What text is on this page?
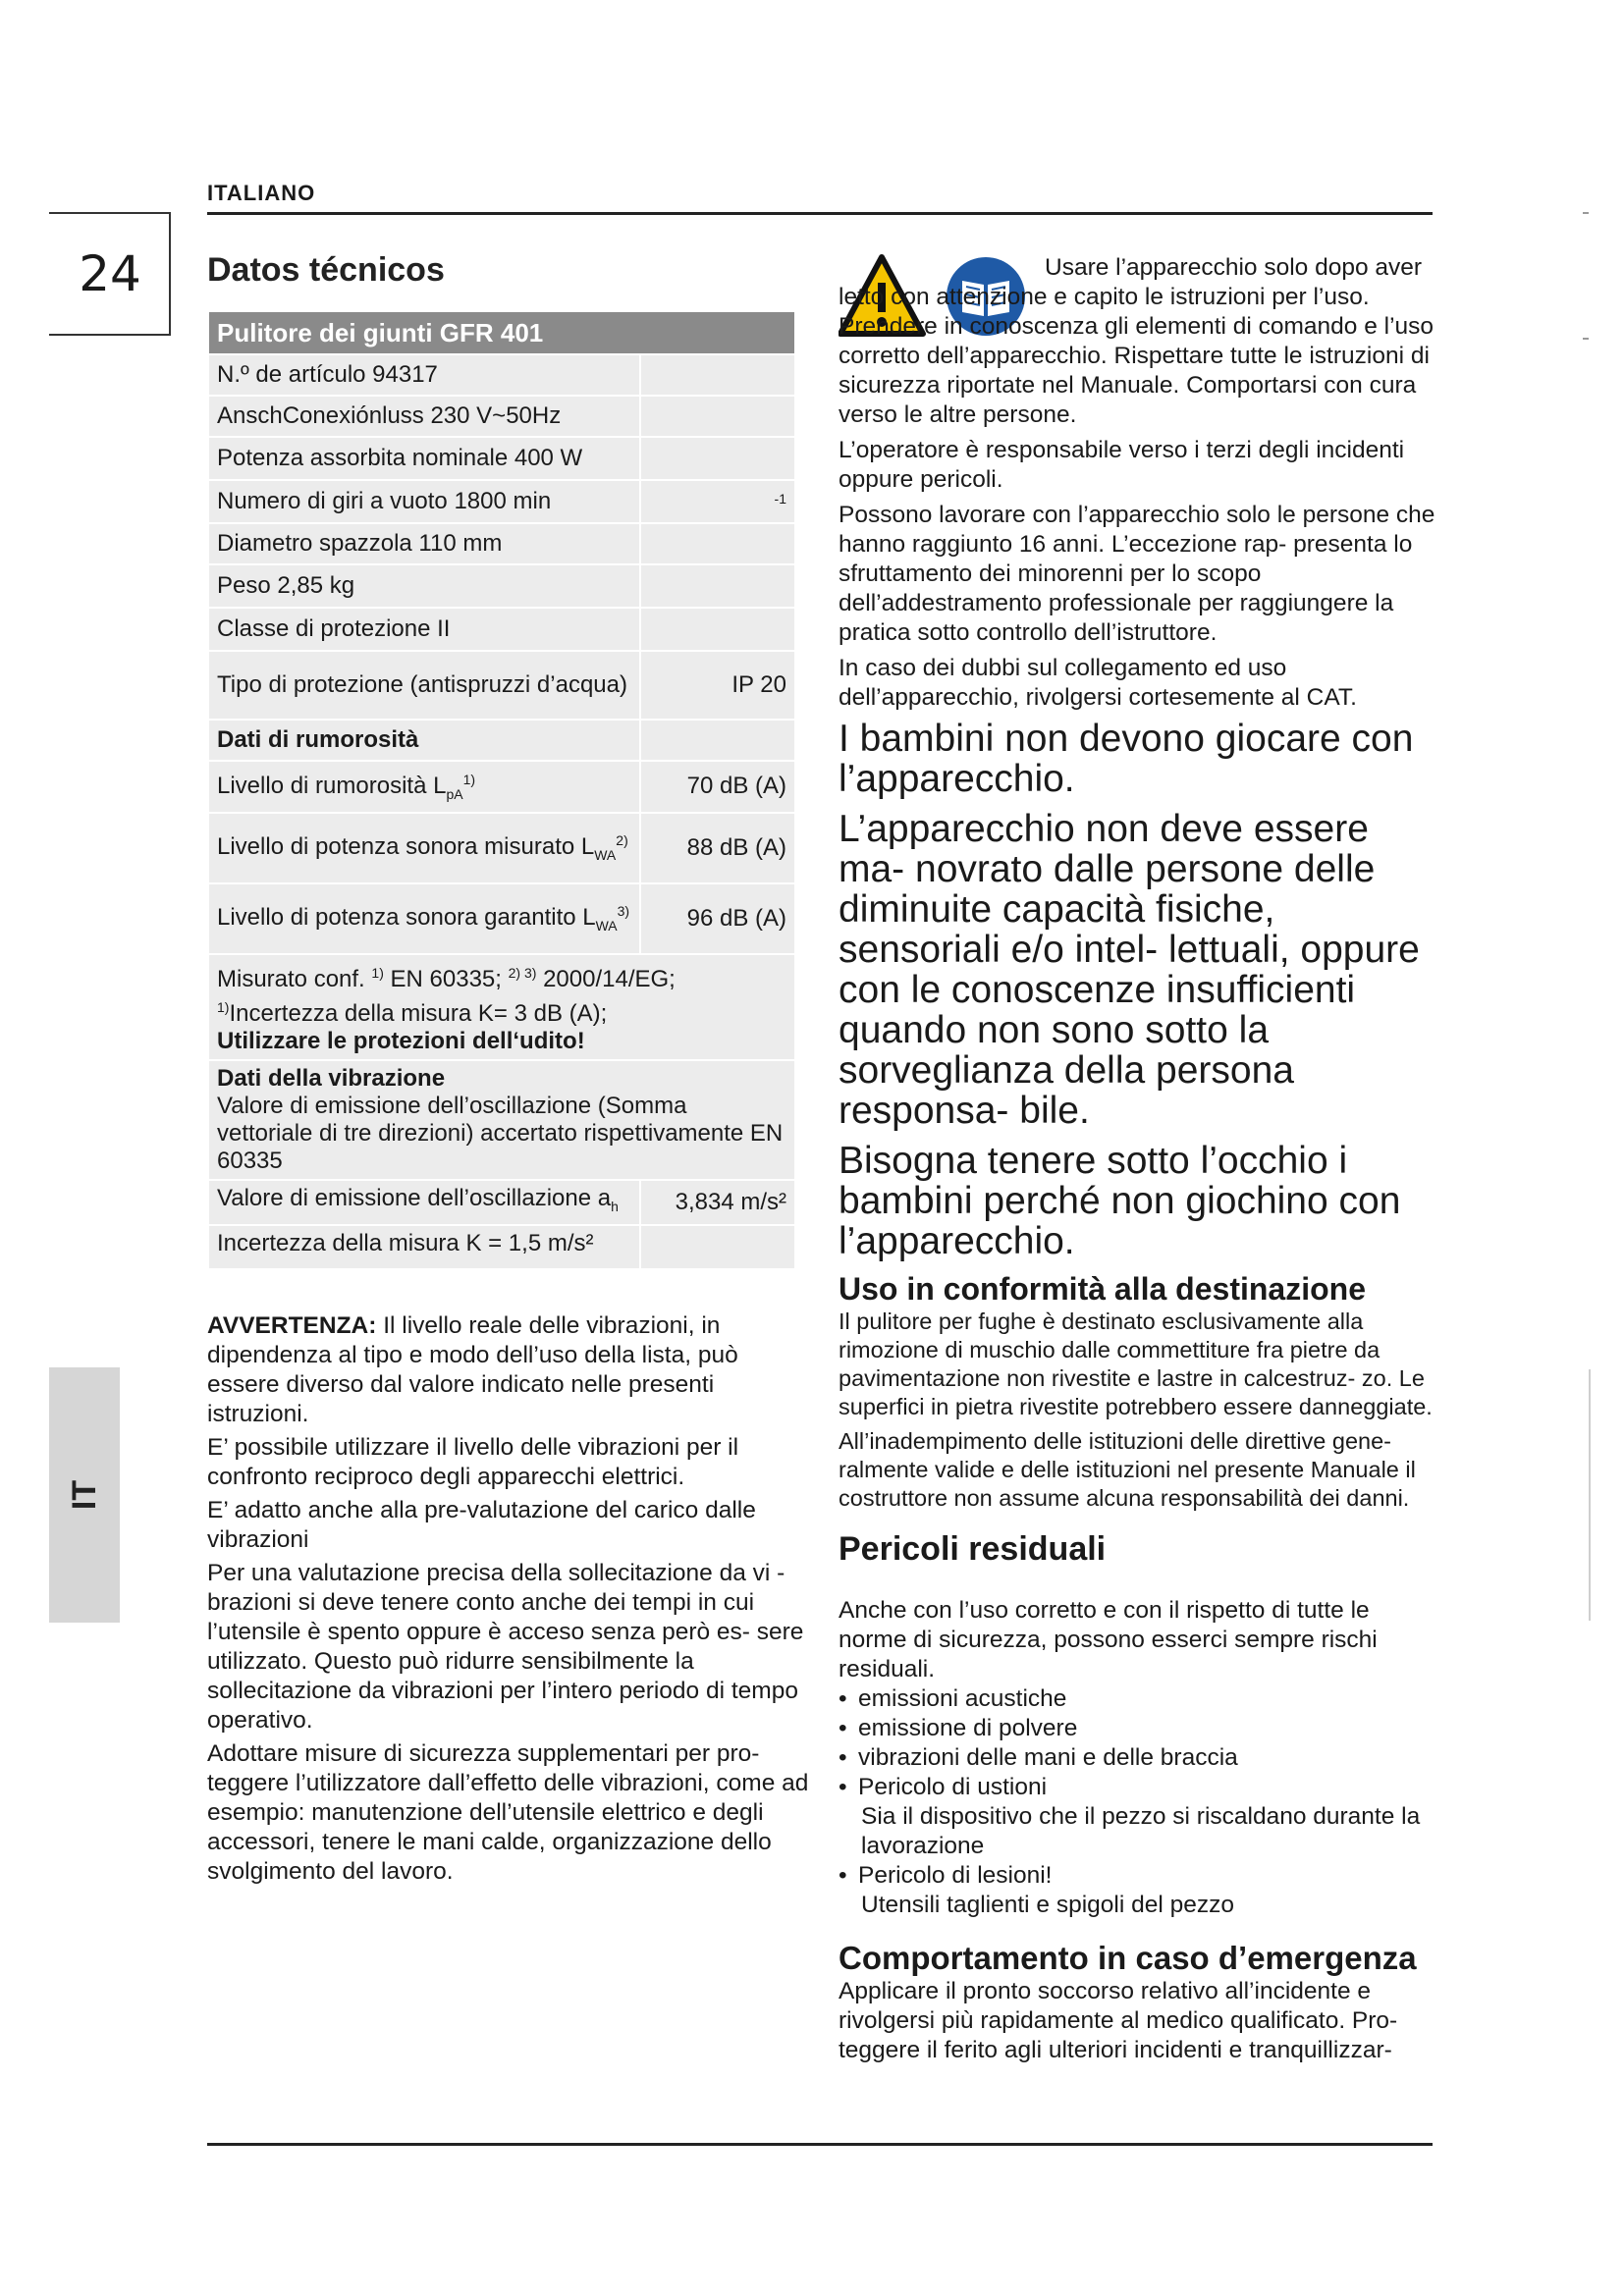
ITALIANO
24
IT
Datos técnicos
Pulitore dei giunti GFR 401	
N.º de artículo 94317	
AnschConexiónluss 230 V~50Hz	
Potenza assorbita nominale 400 W	
Numero di giri a vuoto 1800 min	-1
Diametro spazzola 110 mm	
Peso 2,85 kg	
Classe di protezione II	
Tipo di protezione (antispruzzi d’acqua)	IP 20
Dati di rumorosità	
Livello di rumorosità $L_{pA}^{1)}$	70 dB (A)
Livello di potenza sonora misurato $L_{WA}^{2)}$	88 dB (A)
Livello di potenza sonora garantito $L_{WA}^{3)}$	96 dB (A)

Misurato conf. $^{1)}$ EN 60335; $^{2) 3)}$ 2000/14/EG;
$^{1)}$Incertezza della misura K= 3 dB (A);
Utilizzare le protezioni dell‘udito!	

Dati della vibrazione
Valore di emissione dell’oscillazione (Somma vettoriale di tre direzioni) accertato rispettivamente EN 60335	

Valore di emissione dell’oscillazione $a_h$	3,834 m/s²
Incertezza della misura K = 1,5 m/s²	

AVVERTENZA: Il livello reale delle vibrazioni, in dipendenza al tipo e modo dell’uso della lista, può essere diverso dal valore indicato nelle presenti istruzioni.

E’ possibile utilizzare il livello delle vibrazioni per il confronto reciproco degli apparecchi elettrici.

E’ adatto anche alla pre-valutazione del carico dalle vibrazioni

Per una valutazione precisa della sollecitazione da vi - brazioni si deve tenere conto anche dei tempi in cui l’utensile è spento oppure è acceso senza però es- sere utilizzato. Questo può ridurre sensibilmente la sollecitazione da vibrazioni per l’intero periodo di tempo operativo.

Adottare misure di sicurezza supplementari per pro- teggere l’utilizzatore dall’effetto delle vibrazioni, come ad esempio: manutenzione dell’utensile elettrico e degli accessori, tenere le mani calde, organizzazione dello svolgimento del lavoro.

Usare l’apparecchio solo dopo aver letto con attenzione e capito le istruzioni per l’uso. Prendere in conoscenza gli elementi di comando e l’uso corretto dell’apparecchio. Rispettare tutte le istruzioni di sicurezza riportate nel Manuale. Comportarsi con cura verso le altre persone.

L’operatore è responsabile verso i terzi degli incidenti oppure pericoli.

Possono lavorare con l’apparecchio solo le persone che hanno raggiunto 16 anni. L’eccezione rap- presenta lo sfruttamento dei minorenni per lo scopo dell’addestramento professionale per raggiungere la pratica sotto controllo dell’istruttore.

In caso dei dubbi sul collegamento ed uso dell’apparecchio, rivolgersi cortesemente al CAT.

I bambini non devono giocare con l’apparecchio.

L’apparecchio non deve essere ma- novrato dalle persone delle diminuite capacità fisiche, sensoriali e/o intel- lettuali, oppure con le conoscenze insufficienti quando non sono sotto la sorveglianza della persona responsa- bile.

Bisogna tenere sotto l’occhio i bambini perché non giochino con l’apparecchio.

Uso in conformità alla destinazione

Il pulitore per fughe è destinato esclusivamente alla rimozione di muschio dalle commettiture fra pietre da pavimentazione non rivestite e lastre in calcestruz- zo. Le superfici in pietra rivestite potrebbero essere danneggiate.

All’inadempimento delle istituzioni delle direttive gene- ralmente valide e delle istituzioni nel presente Manuale il costruttore non assume alcuna responsabilità dei danni.

Pericoli residuali

Anche con l’uso corretto e con il rispetto di tutte le norme di sicurezza, possono esserci sempre rischi residuali.

• emissioni acustiche
• emissione di polvere
• vibrazioni delle mani e delle braccia
• Pericolo di ustioni
Sia il dispositivo che il pezzo si riscaldano durante la lavorazione
• Pericolo di lesioni!
Utensili taglienti e spigoli del pezzo

Comportamento in caso d’emergenza

Applicare il pronto soccorso relativo all’incidente e rivolgersi più rapidamente al medico qualificato. Pro- teggere il ferito agli ulteriori incidenti e tranquillizzar-
